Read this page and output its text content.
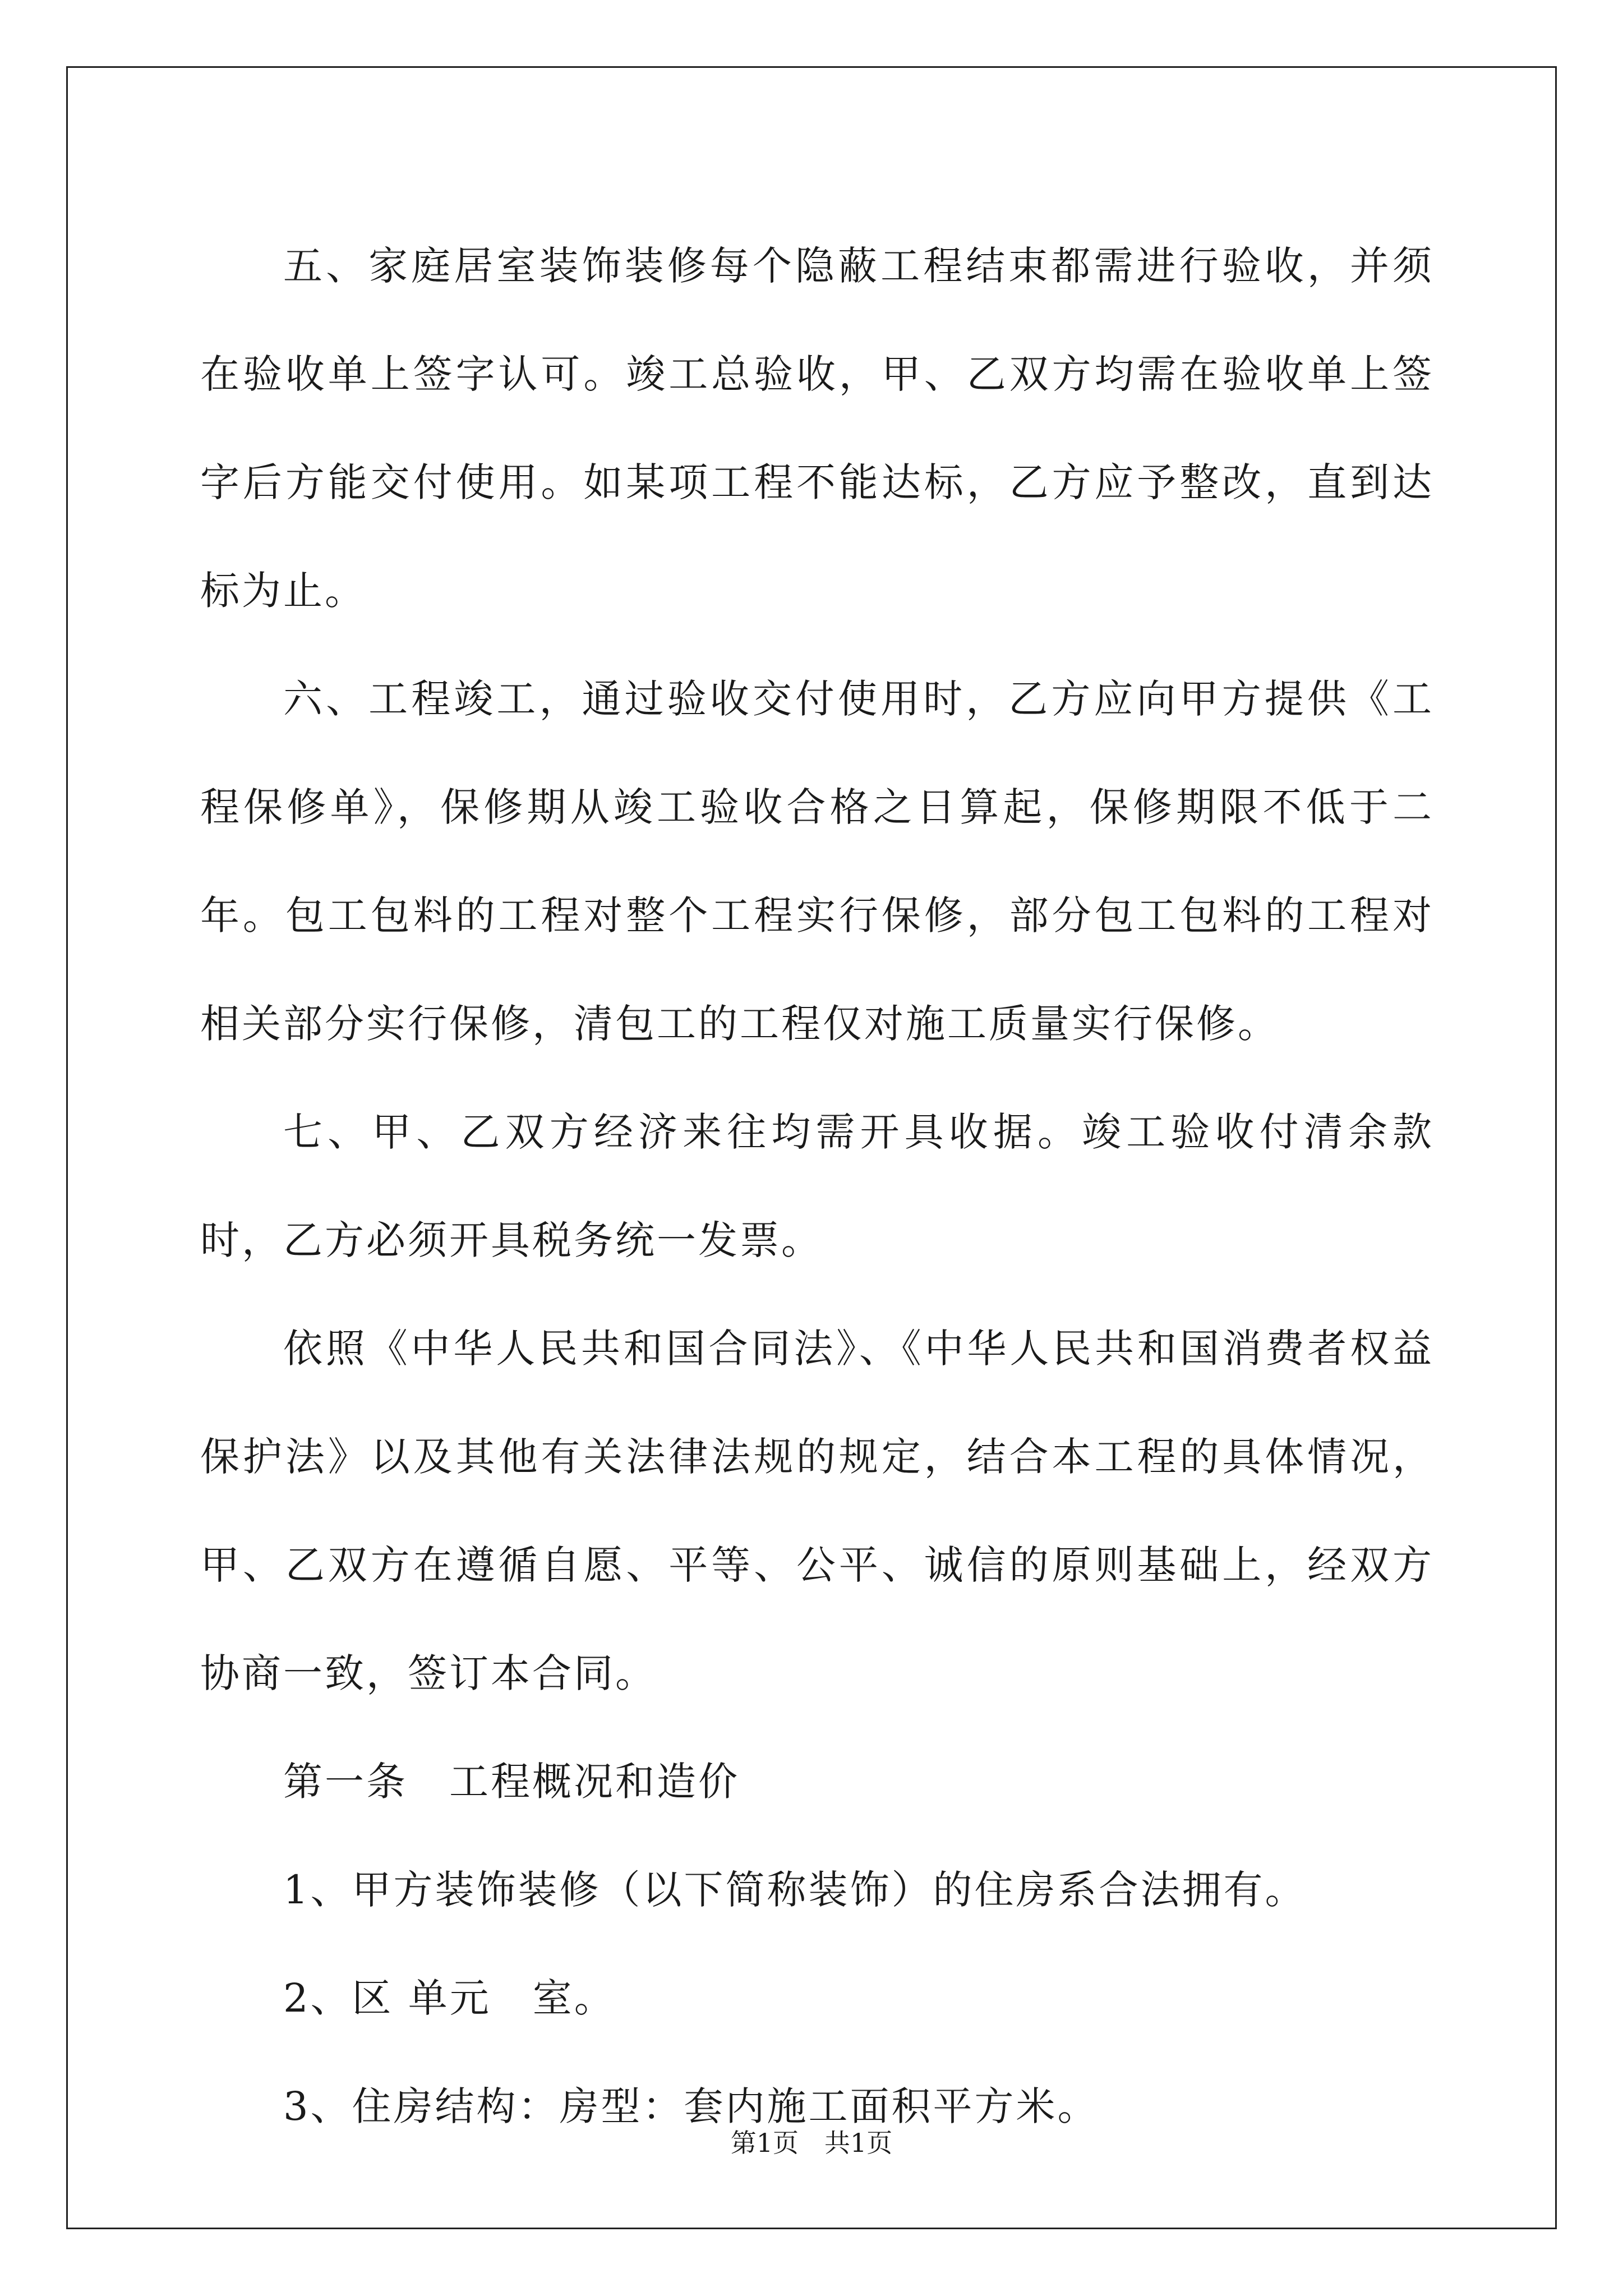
五、家庭居室装饰装修每个隐蔽工程结束都需进行验收，并须在验收单上签字认可。竣工总验收，甲、乙双方均需在验收单上签字后方能交付使用。如某项工程不能达标，乙方应予整改，直到达标为止。

六、工程竣工，通过验收交付使用时，乙方应向甲方提供《工程保修单》，保修期从竣工验收合格之日算起，保修期限不低于二年。包工包料的工程对整个工程实行保修，部分包工包料的工程对相关部分实行保修，清包工的工程仅对施工质量实行保修。

七、甲、乙双方经济来往均需开具收据。竣工验收付清余款时，乙方必须开具税务统一发票。

依照《中华人民共和国合同法》、《中华人民共和国消费者权益保护法》以及其他有关法律法规的规定，结合本工程的具体情况，甲、乙双方在遵循自愿、平等、公平、诚信的原则基础上，经双方协商一致，签订本合同。

第一条　工程概况和造价

1、甲方装饰装修（以下简称装饰）的住房系合法拥有。

2、区 单元　室。

3、住房结构：房型：套内施工面积平方米。

第1页　共1页
